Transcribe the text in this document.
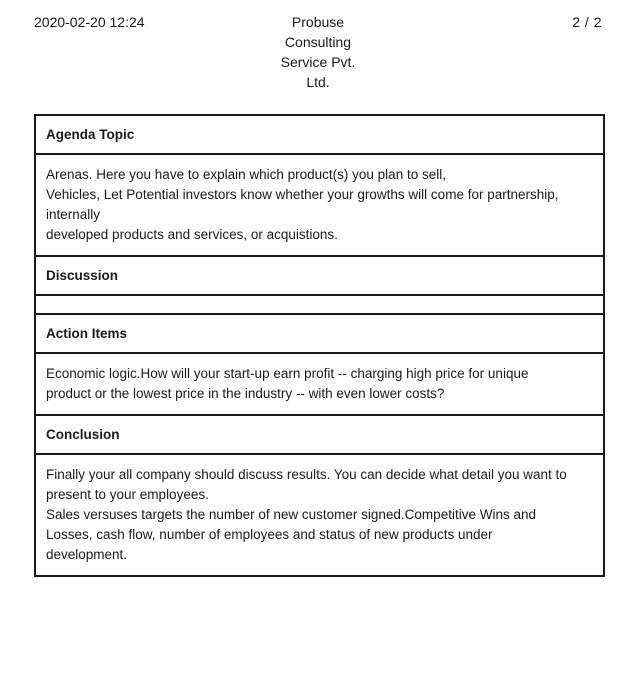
2020-02-20 12:24	Probuse
Consulting
Service Pvt.
Ltd.
2 / 2
Agenda Topic

Arenas. Here you have to explain which product(s) you plan to sell,
Vehicles, Let Potential investors know whether your growths will come for partnership,
internally
developed products and services, or acquistions.

Discussion

Action Items

Economic logic.How will your start-up earn profit -- charging high price for unique
product or the lowest price in the industry -- with even lower costs?

Conclusion

Finally your all company should discuss results. You can decide what detail you want to
present to your employees.
Sales versuses targets the number of new customer signed.Competitive Wins and
Losses, cash flow, number of employees and status of new products under
development.
